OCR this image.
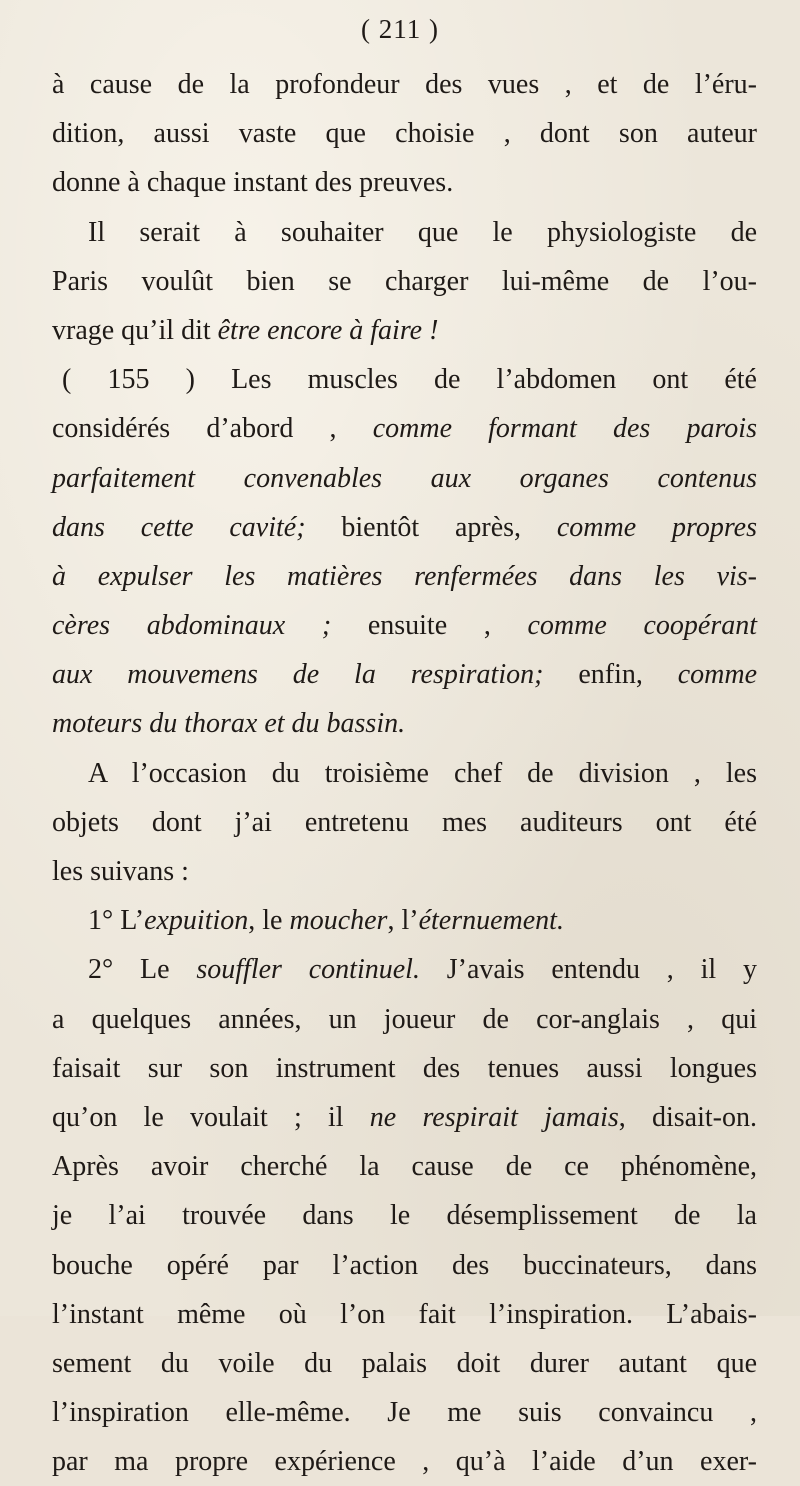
( 211 )
à cause de la profondeur des vues , et de l’éru-
dition, aussi vaste que choisie , dont son auteur
donne à chaque instant des preuves.
Il serait à souhaiter que le physiologiste de
Paris voulût bien se charger lui-même de l’ou-
vrage qu’il dit être encore à faire !
( 155 ) Les muscles de l’abdomen ont été
considérés d’abord , comme formant des parois
parfaitement convenables aux organes contenus
dans cette cavité; bientôt après, comme propres
à expulser les matières renfermées dans les vis-
cères abdominaux ; ensuite , comme coopérant
aux mouvemens de la respiration; enfin, comme
moteurs du thorax et du bassin.
A l’occasion du troisième chef de division , les
objets dont j’ai entretenu mes auditeurs ont été
les suivans :
1° L’expuition, le moucher, l’éternuement.
2° Le souffler continuel. J’avais entendu , il y
a quelques années, un joueur de cor-anglais , qui
faisait sur son instrument des tenues aussi longues
qu’on le voulait ; il ne respirait jamais, disait-on.
Après avoir cherché la cause de ce phénomène,
je l’ai trouvée dans le désemplissement de la
bouche opéré par l’action des buccinateurs, dans
l’instant même où l’on fait l’inspiration. L’abais-
sement du voile du palais doit durer autant que
l’inspiration elle-même. Je me suis convaincu ,
par ma propre expérience , qu’à l’aide d’un exer-
